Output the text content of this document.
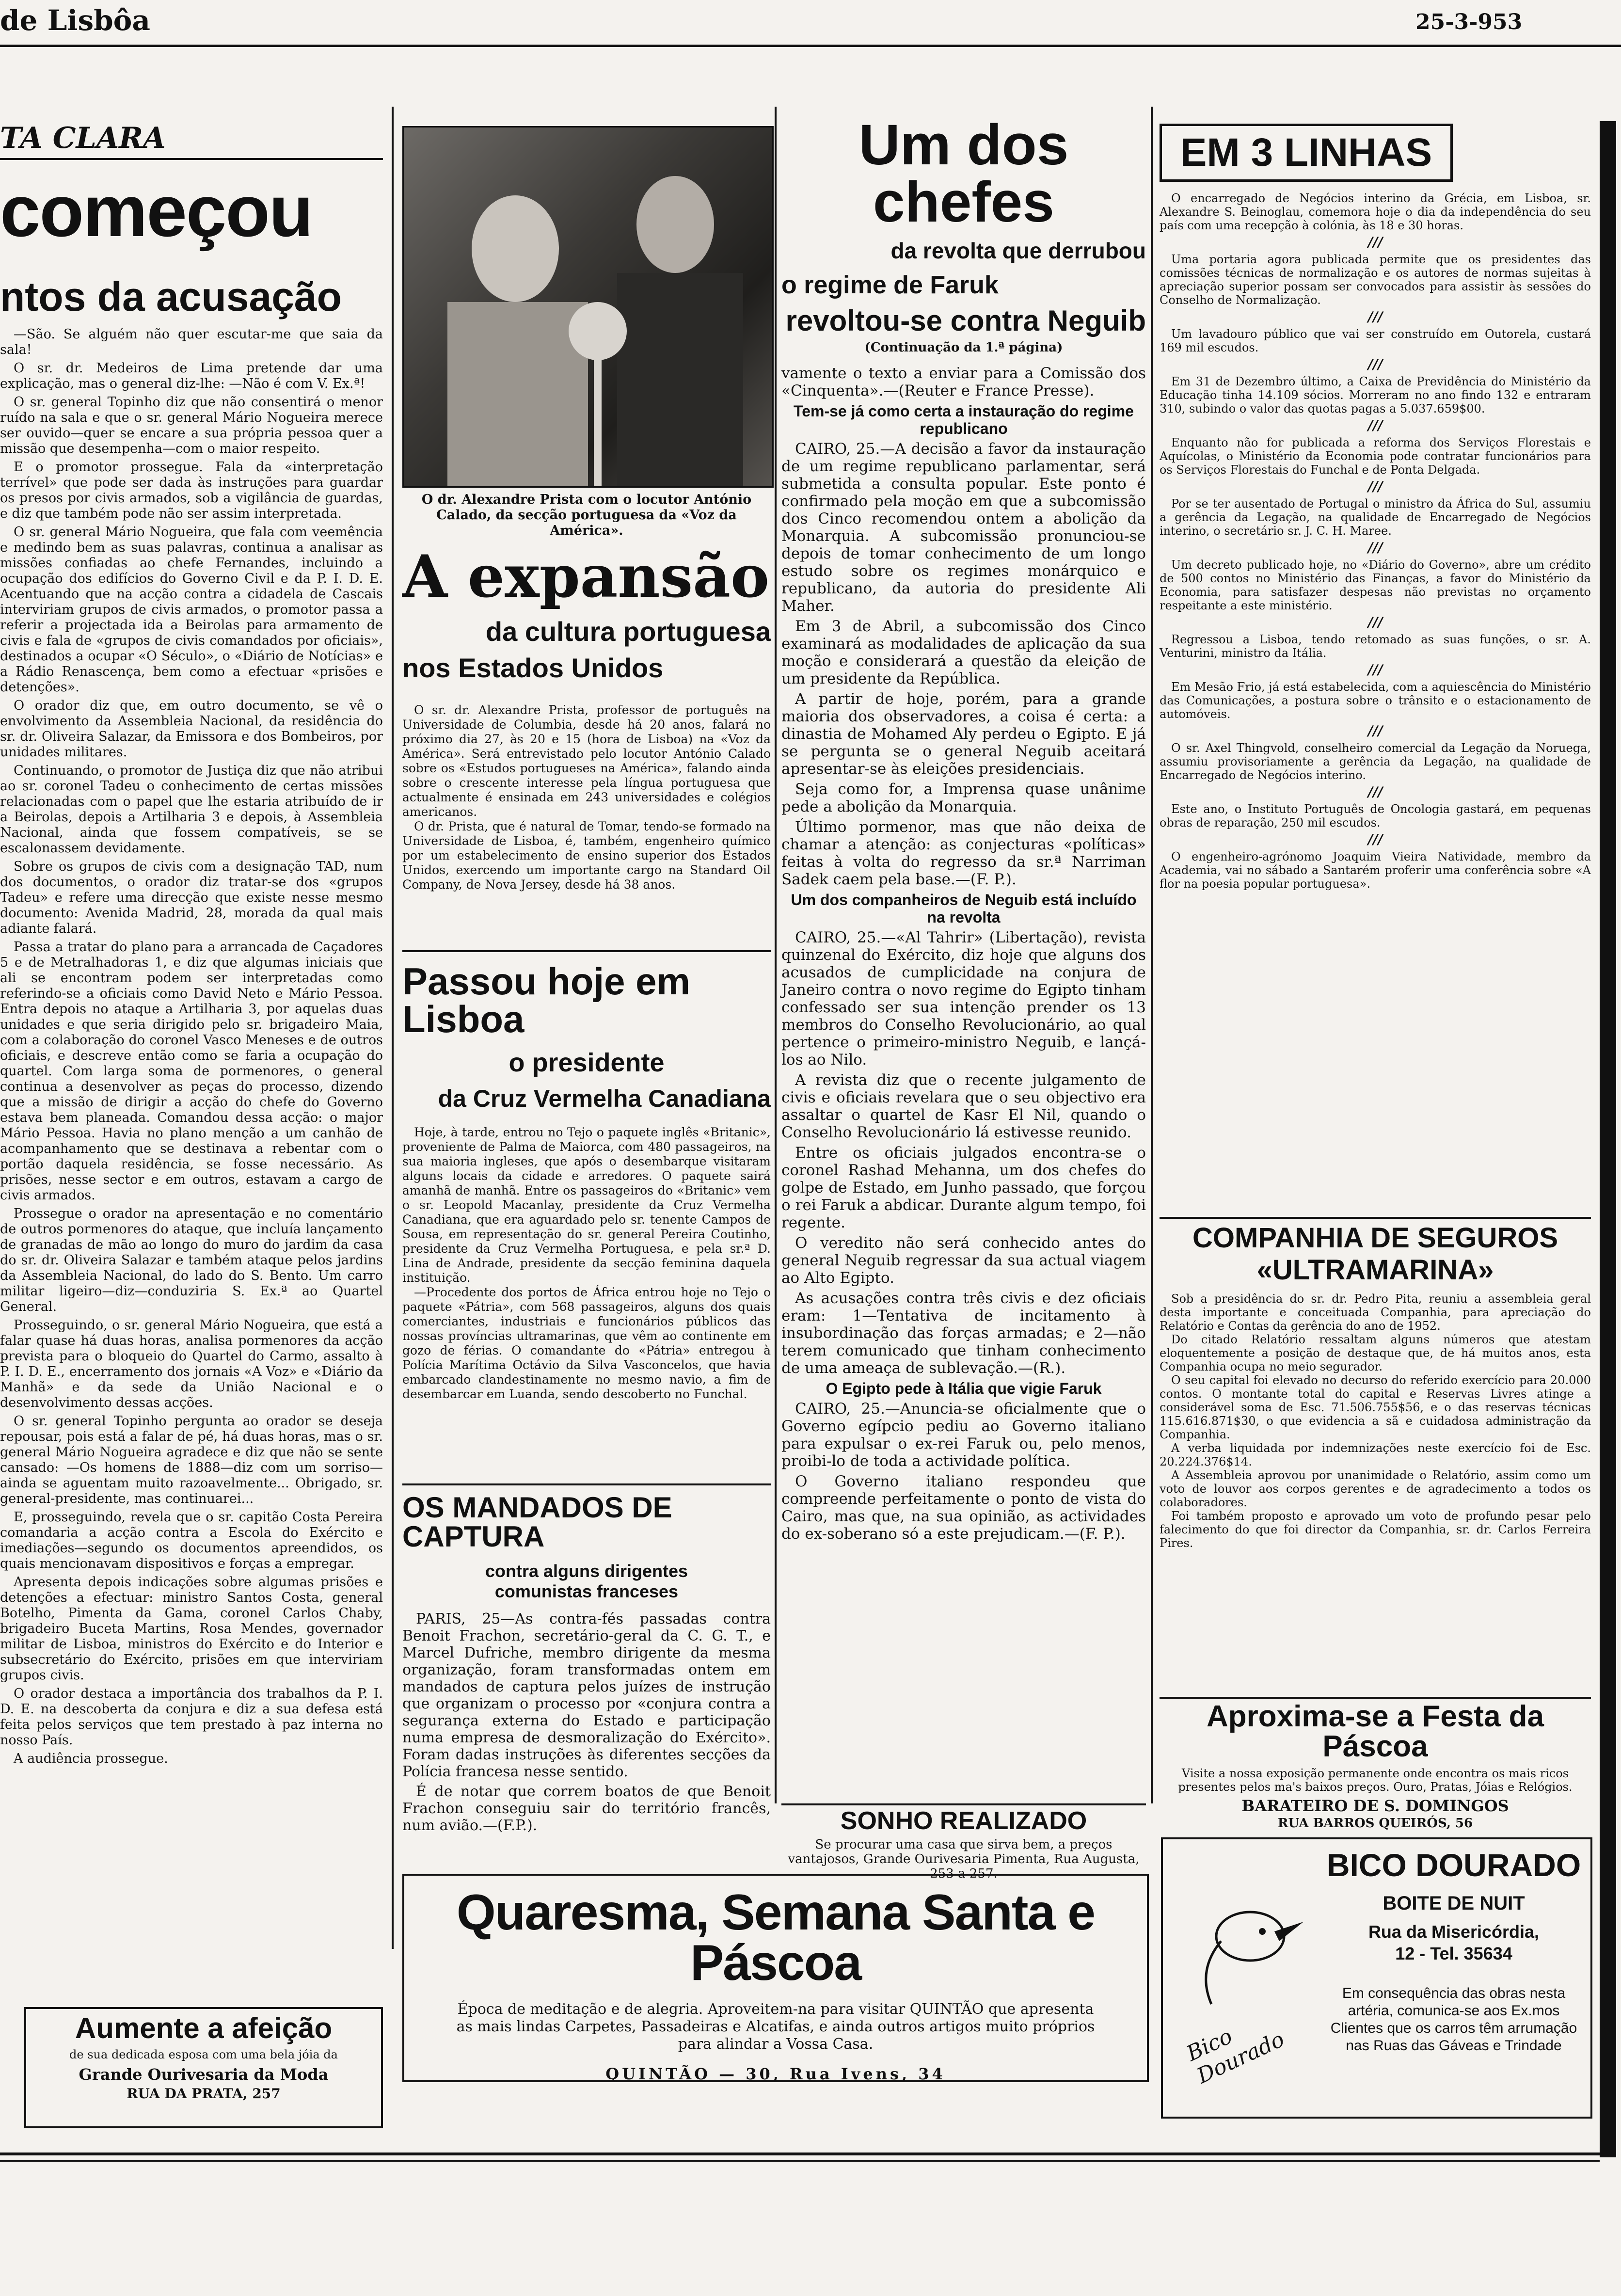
de Lisbôa	25-3-953
TA CLARA
começou
ntos da acusação

—São. Se alguém não quer escutar-me que saia da sala!

O sr. dr. Medeiros de Lima pretende dar uma explicação, mas o general diz-lhe: —Não é com V. Ex.ª!

O sr. general Topinho diz que não consentirá o menor ruído na sala e que o sr. general Mário Nogueira merece ser ouvido—quer se encare a sua própria pessoa quer a missão que desempenha—com o maior respeito.

E o promotor prossegue. Fala da «interpretação terrível» que pode ser dada às instruções para guardar os presos por civis armados, sob a vigilância de guardas, e diz que também pode não ser assim interpretada.

O sr. general Mário Nogueira, que fala com veemência e medindo bem as suas palavras, continua a analisar as missões confiadas ao chefe Fernandes, incluindo a ocupação dos edifícios do Governo Civil e da P. I. D. E. Acentuando que na acção contra a cidadela de Cascais interviriam grupos de civis armados, o promotor passa a referir a projectada ida a Beirolas para armamento de civis e fala de «grupos de civis comandados por oficiais», destinados a ocupar «O Século», o «Diário de Notícias» e a Rádio Renascença, bem como a efectuar «prisões e detenções».

O orador diz que, em outro documento, se vê o envolvimento da Assembleia Nacional, da residência do sr. dr. Oliveira Salazar, da Emissora e dos Bombeiros, por unidades militares.

Continuando, o promotor de Justiça diz que não atribui ao sr. coronel Tadeu o conhecimento de certas missões relacionadas com o papel que lhe estaria atribuído de ir a Beirolas, depois a Artilharia 3 e depois, à Assembleia Nacional, ainda que fossem compatíveis, se se escalonassem devidamente.

Sobre os grupos de civis com a designação TAD, num dos documentos, o orador diz tratar-se dos «grupos Tadeu» e refere uma direcção que existe nesse mesmo documento: Avenida Madrid, 28, morada da qual mais adiante falará.

Passa a tratar do plano para a arrancada de Caçadores 5 e de Metralhadoras 1, e diz que algumas iniciais que ali se encontram podem ser interpretadas como referindo-se a oficiais como David Neto e Mário Pessoa. Entra depois no ataque a Artilharia 3, por aquelas duas unidades e que seria dirigido pelo sr. brigadeiro Maia, com a colaboração do coronel Vasco Meneses e de outros oficiais, e descreve então como se faria a ocupação do quartel. Com larga soma de pormenores, o general continua a desenvolver as peças do processo, dizendo que a missão de dirigir a acção do chefe do Governo estava bem planeada. Comandou dessa acção: o major Mário Pessoa. Havia no plano menção a um canhão de acompanhamento que se destinava a rebentar com o portão daquela residência, se fosse necessário. As prisões, nesse sector e em outros, estavam a cargo de civis armados.

Prossegue o orador na apresentação e no comentário de outros pormenores do ataque, que incluía lançamento de granadas de mão ao longo do muro do jardim da casa do sr. dr. Oliveira Salazar e também ataque pelos jardins da Assembleia Nacional, do lado do S. Bento. Um carro militar ligeiro—diz—conduziria S. Ex.ª ao Quartel General.

Prosseguindo, o sr. general Mário Nogueira, que está a falar quase há duas horas, analisa pormenores da acção prevista para o bloqueio do Quartel do Carmo, assalto à P. I. D. E., encerramento dos jornais «A Voz» e «Diário da Manhã» e da sede da União Nacional e o desenvolvimento dessas acções.

O sr. general Topinho pergunta ao orador se deseja repousar, pois está a falar de pé, há duas horas, mas o sr. general Mário Nogueira agradece e diz que não se sente cansado: —Os homens de 1888—diz com um sorriso—ainda se aguentam muito razoavelmente... Obrigado, sr. general-presidente, mas continuarei...

E, prosseguindo, revela que o sr. capitão Costa Pereira comandaria a acção contra a Escola do Exército e imediações—segundo os documentos apreendidos, os quais mencionavam dispositivos e forças a empregar.

Apresenta depois indicações sobre algumas prisões e detenções a efectuar: ministro Santos Costa, general Botelho, Pimenta da Gama, coronel Carlos Chaby, brigadeiro Buceta Martins, Rosa Mendes, governador militar de Lisboa, ministros do Exército e do Interior e subsecretário do Exército, prisões em que interviriam grupos civis.

O orador destaca a importância dos trabalhos da P. I. D. E. na descoberta da conjura e diz a sua defesa está feita pelos serviços que tem prestado à paz interna no nosso País.

A audiência prossegue.

Aumente a afeição
de sua dedicada esposa com uma bela jóia da
Grande Ourivesaria da Moda
RUA DA PRATA, 257
O dr. Alexandre Prista com o locutor António Calado, da secção portuguesa da «Voz da América».
A expansão
da cultura portuguesa
nos Estados Unidos

O sr. dr. Alexandre Prista, professor de português na Universidade de Columbia, desde há 20 anos, falará no próximo dia 27, às 20 e 15 (hora de Lisboa) na «Voz da América». Será entrevistado pelo locutor António Calado sobre os «Estudos portugueses na América», falando ainda sobre o crescente interesse pela língua portuguesa que actualmente é ensinada em 243 universidades e colégios americanos.

O dr. Prista, que é natural de Tomar, tendo-se formado na Universidade de Lisboa, é, também, engenheiro químico por um estabelecimento de ensino superior dos Estados Unidos, exercendo um importante cargo na Standard Oil Company, de Nova Jersey, desde há 38 anos.

Passou hoje em Lisboa
o presidente
da Cruz Vermelha Canadiana

Hoje, à tarde, entrou no Tejo o paquete inglês «Britanic», proveniente de Palma de Maiorca, com 480 passageiros, na sua maioria ingleses, que após o desembarque visitaram alguns locais da cidade e arredores. O paquete sairá amanhã de manhã. Entre os passageiros do «Britanic» vem o sr. Leopold Macanlay, presidente da Cruz Vermelha Canadiana, que era aguardado pelo sr. tenente Campos de Sousa, em representação do sr. general Pereira Coutinho, presidente da Cruz Vermelha Portuguesa, e pela sr.ª D. Lina de Andrade, presidente da secção feminina daquela instituição.

—Procedente dos portos de África entrou hoje no Tejo o paquete «Pátria», com 568 passageiros, alguns dos quais comerciantes, industriais e funcionários públicos das nossas províncias ultramarinas, que vêm ao continente em gozo de férias. O comandante do «Pátria» entregou à Polícia Marítima Octávio da Silva Vasconcelos, que havia embarcado clandestinamente no mesmo navio, a fim de desembarcar em Luanda, sendo descoberto no Funchal.

OS MANDADOS DE CAPTURA
contra alguns dirigentes comunistas franceses

PARIS, 25—As contra-fés passadas contra Benoit Frachon, secretário-geral da C. G. T., e Marcel Dufriche, membro dirigente da mesma organização, foram transformadas ontem em mandados de captura pelos juízes de instrução que organizam o processo por «conjura contra a segurança externa do Estado e participação numa empresa de desmoralização do Exército». Foram dadas instruções às diferentes secções da Polícia francesa nesse sentido.

É de notar que correm boatos de que Benoit Frachon conseguiu sair do território francês, num avião.—(F.P.).

Um dos chefes
da revolta que derrubou
o regime de Faruk
revoltou-se contra Neguib
(Continuação da 1.ª página)

vamente o texto a enviar para a Comissão dos «Cinquenta».—(Reuter e France Presse).

Tem-se já como certa a instauração do regime republicano

CAIRO, 25.—A decisão a favor da instauração de um regime republicano parlamentar, será submetida a consulta popular. Este ponto é confirmado pela moção em que a subcomissão dos Cinco recomendou ontem a abolição da Monarquia. A subcomissão pronunciou-se depois de tomar conhecimento de um longo estudo sobre os regimes monárquico e republicano, da autoria do presidente Ali Maher.

Em 3 de Abril, a subcomissão dos Cinco examinará as modalidades de aplicação da sua moção e considerará a questão da eleição de um presidente da República.

A partir de hoje, porém, para a grande maioria dos observadores, a coisa é certa: a dinastia de Mohamed Aly perdeu o Egipto. E já se pergunta se o general Neguib aceitará apresentar-se às eleições presidenciais.

Seja como for, a Imprensa quase unânime pede a abolição da Monarquia.

Último pormenor, mas que não deixa de chamar a atenção: as conjecturas «políticas» feitas à volta do regresso da sr.ª Narriman Sadek caem pela base.—(F. P.).

Um dos companheiros de Neguib está incluído na revolta

CAIRO, 25.—«Al Tahrir» (Libertação), revista quinzenal do Exército, diz hoje que alguns dos acusados de cumplicidade na conjura de Janeiro contra o novo regime do Egipto tinham confessado ser sua intenção prender os 13 membros do Conselho Revolucionário, ao qual pertence o primeiro-ministro Neguib, e lançá-los ao Nilo.

A revista diz que o recente julgamento de civis e oficiais revelara que o seu objectivo era assaltar o quartel de Kasr El Nil, quando o Conselho Revolucionário lá estivesse reunido.

Entre os oficiais julgados encontra-se o coronel Rashad Mehanna, um dos chefes do golpe de Estado, em Junho passado, que forçou o rei Faruk a abdicar. Durante algum tempo, foi regente.

O veredito não será conhecido antes do general Neguib regressar da sua actual viagem ao Alto Egipto.

As acusações contra três civis e dez oficiais eram: 1—Tentativa de incitamento à insubordinação das forças armadas; e 2—não terem comunicado que tinham conhecimento de uma ameaça de sublevação.—(R.).

O Egipto pede à Itália que vigie Faruk

CAIRO, 25.—Anuncia-se oficialmente que o Governo egípcio pediu ao Governo italiano para expulsar o ex-rei Faruk ou, pelo menos, proibi-lo de toda a actividade política.

O Governo italiano respondeu que compreende perfeitamente o ponto de vista do Cairo, mas que, na sua opinião, as actividades do ex-soberano só a este prejudicam.—(F. P.).

SONHO REALIZADO
Se procurar uma casa que sirva bem, a preços vantajosos, Grande Ourivesaria Pimenta, Rua Augusta, 253 a 257.
Quaresma, Semana Santa e Páscoa
Época de meditação e de alegria. Aproveitem-na para visitar QUINTÃO que apresenta as mais lindas Carpetes, Passadeiras e Alcatifas, e ainda outros artigos muito próprios para alindar a Vossa Casa.
QUINTÃO — 30, Rua Ivens, 34
EM 3 LINHAS

O encarregado de Negócios interino da Grécia, em Lisboa, sr. Alexandre S. Beinoglau, comemora hoje o dia da independência do seu país com uma recepção à colónia, às 18 e 30 horas.

///

Uma portaria agora publicada permite que os presidentes das comissões técnicas de normalização e os autores de normas sujeitas à apreciação superior possam ser convocados para assistir às sessões do Conselho de Normalização.

///

Um lavadouro público que vai ser construído em Outorela, custará 169 mil escudos.

///

Em 31 de Dezembro último, a Caixa de Previdência do Ministério da Educação tinha 14.109 sócios. Morreram no ano findo 132 e entraram 310, subindo o valor das quotas pagas a 5.037.659$00.

///

Enquanto não for publicada a reforma dos Serviços Florestais e Aquícolas, o Ministério da Economia pode contratar funcionários para os Serviços Florestais do Funchal e de Ponta Delgada.

///

Por se ter ausentado de Portugal o ministro da África do Sul, assumiu a gerência da Legação, na qualidade de Encarregado de Negócios interino, o secretário sr. J. C. H. Maree.

///

Um decreto publicado hoje, no «Diário do Governo», abre um crédito de 500 contos no Ministério das Finanças, a favor do Ministério da Economia, para satisfazer despesas não previstas no orçamento respeitante a este ministério.

///

Regressou a Lisboa, tendo retomado as suas funções, o sr. A. Venturini, ministro da Itália.

///

Em Mesão Frio, já está estabelecida, com a aquiescência do Ministério das Comunicações, a postura sobre o trânsito e o estacionamento de automóveis.

///

O sr. Axel Thingvold, conselheiro comercial da Legação da Noruega, assumiu provisoriamente a gerência da Legação, na qualidade de Encarregado de Negócios interino.

///

Este ano, o Instituto Português de Oncologia gastará, em pequenas obras de reparação, 250 mil escudos.

///

O engenheiro-agrónomo Joaquim Vieira Natividade, membro da Academia, vai no sábado a Santarém proferir uma conferência sobre «A flor na poesia popular portuguesa».

COMPANHIA DE SEGUROS
«ULTRAMARINA»

Sob a presidência do sr. dr. Pedro Pita, reuniu a assembleia geral desta importante e conceituada Companhia, para apreciação do Relatório e Contas da gerência do ano de 1952.

Do citado Relatório ressaltam alguns números que atestam eloquentemente a posição de destaque que, de há muitos anos, esta Companhia ocupa no meio segurador.

O seu capital foi elevado no decurso do referido exercício para 20.000 contos. O montante total do capital e Reservas Livres atinge a considerável soma de Esc. 71.506.755$56, e o das reservas técnicas 115.616.871$30, o que evidencia a sã e cuidadosa administração da Companhia.

A verba liquidada por indemnizações neste exercício foi de Esc. 20.224.376$14.

A Assembleia aprovou por unanimidade o Relatório, assim como um voto de louvor aos corpos gerentes e de agradecimento a todos os colaboradores.

Foi também proposto e aprovado um voto de profundo pesar pelo falecimento do que foi director da Companhia, sr. dr. Carlos Ferreira Pires.

Aproxima-se a Festa da Páscoa
Visite a nossa exposição permanente onde encontra os mais ricos presentes pelos ma's baixos preços. Ouro, Pratas, Jóias e Relógios.
BARATEIRO DE S. DOMINGOS
RUA BARROS QUEIRÓS, 56
Bico Dourado
BICO DOURADO
BOITE DE NUIT
Rua da Misericórdia,
12 - Tel. 35634
Em consequência das obras nesta artéria, comunica-se aos Ex.mos Clientes que os carros têm arrumação nas Ruas das Gáveas e Trindade
